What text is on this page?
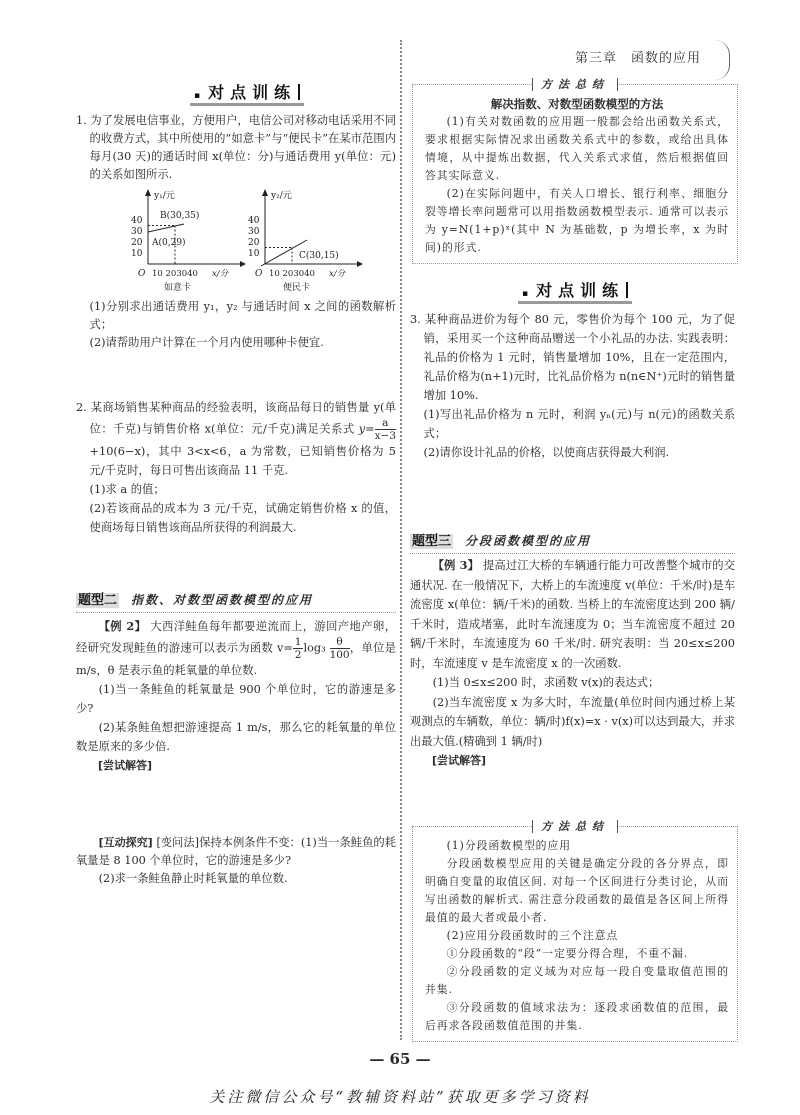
第三章　函数的应用
▪ 对点训练

1. 为了发展电信事业，方便用户，电信公司对移动电话采用不同的收费方式，其中所使用的“如意卡”与“便民卡”在某市范围内每月(30 天)的通话时间 x(单位：分)与通话费用 y(单位：元)的关系如图所示.

y₁/元
40
30
20
10
O 10 203040 x/分
B(30,35)
A(0,29)
如意卡
y₂/元
40
30
20
10
O 10 203040 x/分
C(30,15)
便民卡

(1)分别求出通话费用 y₁，y₂ 与通话时间 x 之间的函数解析式；

(2)请帮助用户计算在一个月内使用哪种卡便宜.

2. 某商场销售某种商品的经验表明，该商品每日的销售量 y(单位：千克)与销售价格 x(单位：元/千克)满足关系式 $y= \frac{a}{x-3}$
+10(6−x)，其中 3<x<6，a 为常数，已知销售价格为 5 元/千克时，每日可售出该商品 11 千克.

(1)求 a 的值；

(2)若该商品的成本为 3 元/千克，试确定销售价格 x 的值，使商场每日销售该商品所获得的利润最大.

题型二 指数、对数型函数模型的应用

【例 2】 大西洋鲑鱼每年都要逆流而上，游回产地产卵，经研究发现鲑鱼的游速可以表示为函数 $v= \frac{1}{2} \log_3 \frac{\theta}{100}$ ，单位是 m/s，θ 是表示鱼的耗氧量的单位数.

(1)当一条鲑鱼的耗氧量是 900 个单位时，它的游速是多少?

(2)某条鲑鱼想把游速提高 1 m/s，那么它的耗氧量的单位数是原来的多少倍.

[尝试解答]

[互动探究] [变问法]保持本例条件不变：(1)当一条鲑鱼的耗氧量是 8 100 个单位时，它的游速是多少?

(2)求一条鲑鱼静止时耗氧量的单位数.

方法总结

解决指数、对数型函数模型的方法

(1)有关对数函数的应用题一般都会给出函数关系式，要求根据实际情况求出函数关系式中的参数，或给出具体情境，从中提炼出数据，代入关系式求值，然后根据值回答其实际意义.

(2)在实际问题中，有关人口增长、银行利率、细胞分裂等增长率问题常可以用指数函数模型表示. 通常可以表示为 y=N(1+p)ˣ(其中 N 为基础数，p 为增长率，x 为时间)的形式.

▪ 对点训练

3. 某种商品进价为每个 80 元，零售价为每个 100 元，为了促销，采用买一个这种商品赠送一个小礼品的办法. 实践表明：礼品的价格为 1 元时，销售量增加 10%，且在一定范围内，礼品价格为(n+1)元时，比礼品价格为 n(n∈N⁺)元时的销售量增加 10%.

(1)写出礼品价格为 n 元时，利润 yₙ(元)与 n(元)的函数关系式；

(2)请你设计礼品的价格，以使商店获得最大利润.

题型三 分段函数模型的应用

【例 3】 提高过江大桥的车辆通行能力可改善整个城市的交通状况. 在一般情况下，大桥上的车流速度 v(单位：千米/时)是车流密度 x(单位：辆/千米)的函数. 当桥上的车流密度达到 200 辆/千米时，造成堵塞，此时车流速度为 0；当车流密度不超过 20 辆/千米时，车流速度为 60 千米/时. 研究表明：当 20≤x≤200 时，车流速度 v 是车流密度 x 的一次函数.

(1)当 0≤x≤200 时，求函数 v(x)的表达式；

(2)当车流密度 x 为多大时，车流量(单位时间内通过桥上某观测点的车辆数，单位：辆/时)f(x)=x · v(x)可以达到最大，并求出最大值.(精确到 1 辆/时)

[尝试解答]

方法总结

(1)分段函数模型的应用

分段函数模型应用的关键是确定分段的各分界点，即明确自变量的取值区间. 对每一个区间进行分类讨论，从而写出函数的解析式. 需注意分段函数的最值是各区间上所得最值的最大者或最小者.

(2)应用分段函数时的三个注意点

①分段函数的“段”一定要分得合理，不重不漏.

②分段函数的定义域为对应每一段自变量取值范围的并集.

③分段函数的值域求法为：逐段求函数值的范围，最后再求各段函数值范围的并集.

— 65 —
关注微信公众号“教辅资料站”获取更多学习资料
